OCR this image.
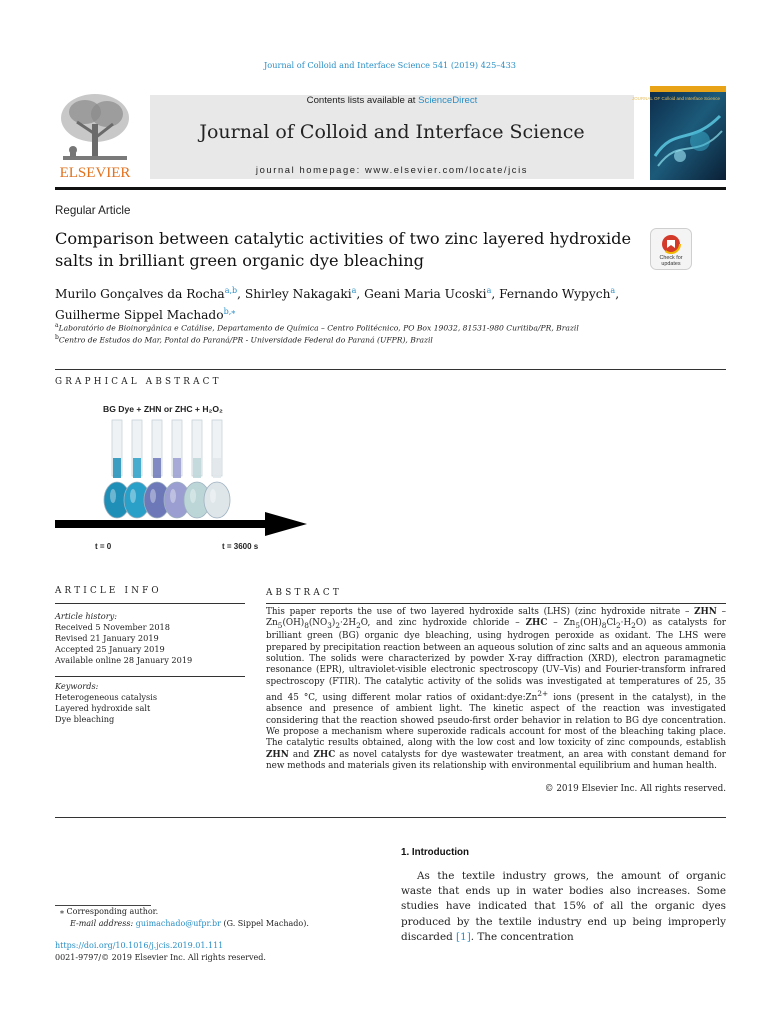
Journal of Colloid and Interface Science 541 (2019) 425–433
ELSEVIER
Contents lists available at ScienceDirect
Journal of Colloid and Interface Science
journal homepage: www.elsevier.com/locate/jcis
JOURNAL OF Colloid and Interface Science
Regular Article
Comparison between catalytic activities of two zinc layered hydroxide salts in brilliant green organic dye bleaching	Check for
updates
Murilo Gonçalves da Rocha$^{a,b}$, Shirley Nakagaki$^a$, Geani Maria Ucoski$^a$, Fernando Wypych$^a$,
Guilherme Sippel Machado$^{b,⁎}$
$^a$Laboratório de Bioinorgânica e Catálise, Departamento de Química – Centro Politécnico, PO Box 19032, 81531-980 Curitiba/PR, Brazil
$^b$Centro de Estudos do Mar, Pontal do Paraná/PR - Universidade Federal do Paraná (UFPR), Brazil
GRAPHICAL ABSTRACT
BG Dye + ZHN or ZHC + H₂O₂
t = 0	t = 3600 s
ARTICLE INFO	ABSTRACT
Article history:
Received 5 November 2018
Revised 21 January 2019
Accepted 25 January 2019
Available online 28 January 2019
Keywords:
Heterogeneous catalysis
Layered hydroxide salt
Dye bleaching
This paper reports the use of two layered hydroxide salts (LHS) (zinc hydroxide nitrate – ZHN – $Zn_5(OH)_8(NO_3)_2\cdot 2H_2O$, and zinc hydroxide chloride – ZHC – $Zn_5(OH)_8Cl_2\cdot H_2O$) as catalysts for brilliant green (BG) organic dye bleaching, using hydrogen peroxide as oxidant. The LHS were prepared by precipitation reaction between an aqueous solution of zinc salts and an aqueous ammonia solution. The solids were characterized by powder X-ray diffraction (XRD), electron paramagnetic resonance (EPR), ultraviolet-visible electronic spectroscopy (UV–Vis) and Fourier-transform infrared spectroscopy (FTIR). The catalytic activity of the solids was investigated at temperatures of 25, 35 and 45 °C, using different molar ratios of $oxidant:dye:Zn^{2+}$ ions (present in the catalyst), in the absence and presence of ambient light. The kinetic aspect of the reaction was investigated considering that the reaction showed pseudo-first order behavior in relation to BG dye concentration. We propose a mechanism where superoxide radicals account for most of the bleaching taking place. The catalytic results obtained, along with the low cost and low toxicity of zinc compounds, establish ZHN and ZHC as novel catalysts for dye wastewater treatment, an area with constant demand for new methods and materials given its relationship with environmental equilibrium and human health.
© 2019 Elsevier Inc. All rights reserved.
1. Introduction
As the textile industry grows, the amount of organic waste that ends up in water bodies also increases. Some studies have indicated that 15% of all the organic dyes produced by the textile industry end up being improperly discarded [1]. The concentration
⁎ Corresponding author.
E-mail address: guimachado@ufpr.br (G. Sippel Machado).
https://doi.org/10.1016/j.jcis.2019.01.111
0021-9797/© 2019 Elsevier Inc. All rights reserved.
